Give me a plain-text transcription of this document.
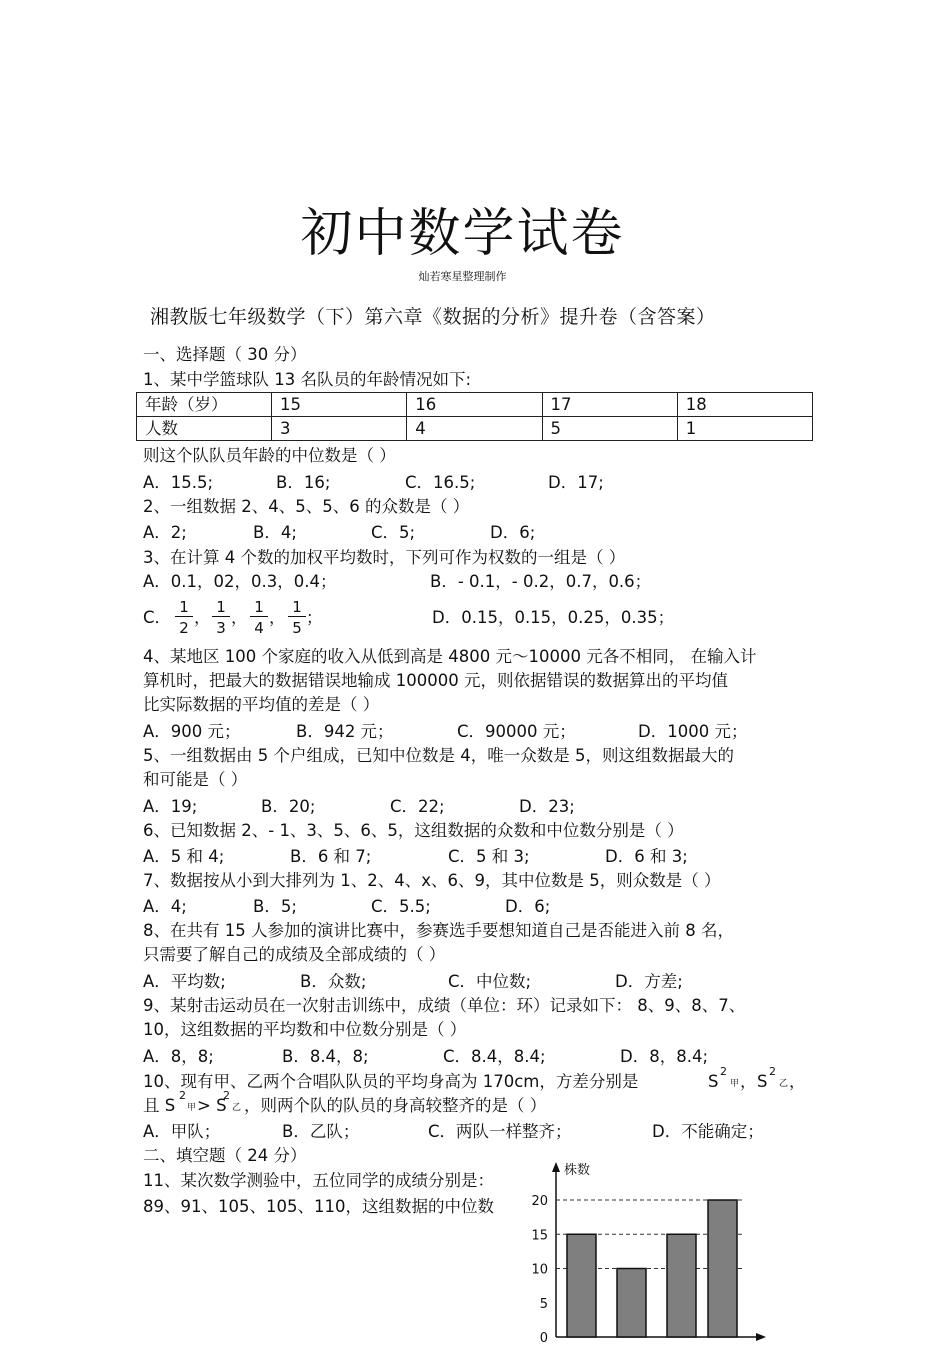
初中数学试卷
灿若寒星整理制作
湘教版七年级数学（下）第六章《数据的分析》提升卷（含答案）
一、选择题（ 30 分）
1、某中学篮球队 13 名队员的年龄情况如下:
年龄（岁）	15	16	17	18
人数	3	4	5	1
则这个队队员年龄的中位数是（ ）
A．15.5;	B．16;	C．16.5;	D．17;
2、一组数据 2、4、5、5、6 的众数是（ ）
A．2;	B．4;	C．5;	D．6;
3、在计算 4 个数的加权平均数时，下列可作为权数的一组是（ ）
A．0.1，02，0.3，0.4；	B．- 0.1，- 0.2，0.7，0.6；
C． $\frac{1}{2}$ ， $\frac{1}{3}$ ， $\frac{1}{4}$ ， $\frac{1}{5}$ ；	D．0.15，0.15，0.25，0.35；
4、某地区 100 个家庭的收入从低到高是 4800 元～10000 元各不相同， 在输入计
算机时，把最大的数据错误地输成 100000 元，则依据错误的数据算出的平均值
比实际数据的平均值的差是（ ）
A．900 元；	B．942 元；	C．90000 元；	D．1000 元；
5、一组数据由 5 个户组成，已知中位数是 4，唯一众数是 5，则这组数据最大的
和可能是（ ）
A．19;	B．20;	C．22;	D．23;
6、已知数据 2、- 1、3、5、6、5，这组数据的众数和中位数分别是（ ）
A．5 和 4;	B．6 和 7;	C．5 和 3;	D．6 和 3;
7、数据按从小到大排列为 1、2、4、x、6、9，其中位数是 5，则众数是（ ）
A．4;	B．5;	C．5.5;	D．6;
8、在共有 15 人参加的演讲比赛中，参赛选手要想知道自己是否能进入前 8 名，
只需要了解自己的成绩及全部成绩的（ ）
A．平均数;	B．众数;	C．中位数;	D．方差;
9、某射击运动员在一次射击训练中，成绩（单位：环）记录如下： 8、9、8、7、
10，这组数据的平均数和中位数分别是（ ）
A．8，8;	B．8.4，8;	C．8.4，8.4;	D．8，8.4;
10、现有甲、乙两个合唱队队员的平均身高为 170cm，方差分别是	S
2
甲 ， S
2
乙 ，
且 S
2
甲 > S
2
乙 ，则两个队的队员的身高较整齐的是（ ）
A．甲队；	B．乙队；	C．两队一样整齐；	D．不能确定；
二、填空题（ 24 分）
11、某次数学测验中，五位同学的成绩分别是：
89、91、105、105、110，这组数据的中位数
0
5
10
15
20
株数
